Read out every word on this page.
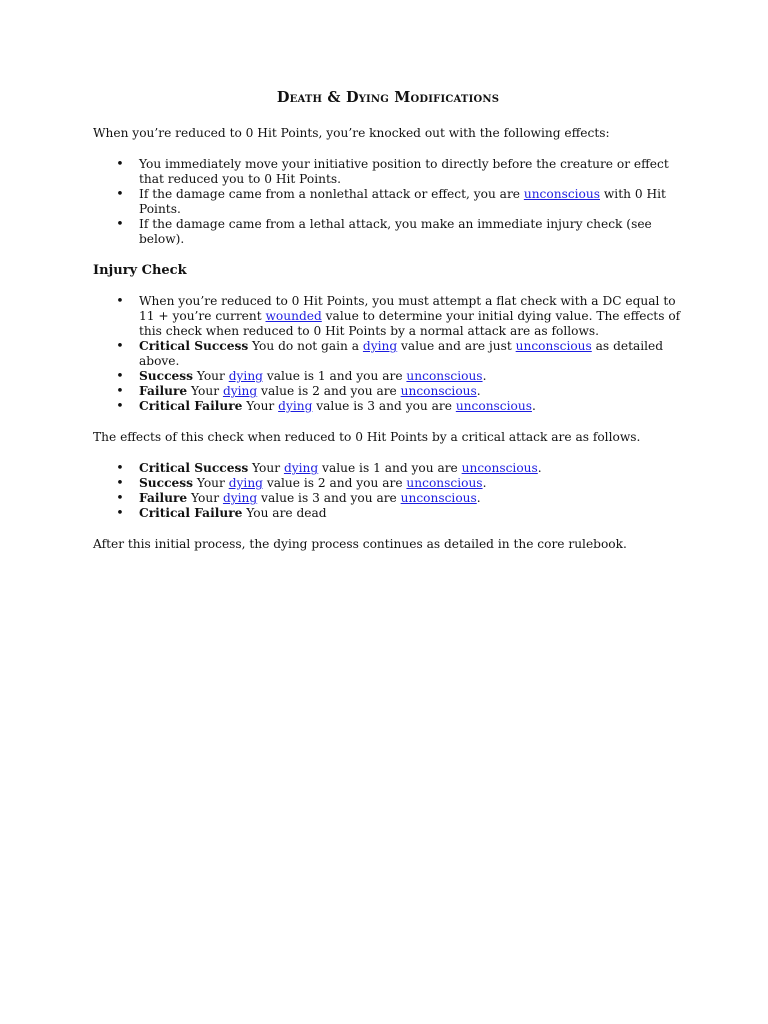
Death & Dying Modifications

When you’re reduced to 0 Hit Points, you’re knocked out with the following effects:

•
You immediately move your initiative position to directly before the creature or effect that reduced you to 0 Hit Points.
•
If the damage came from a nonlethal attack or effect, you are unconscious with 0 Hit Points.
•
If the damage came from a lethal attack, you make an immediate injury check (see below).

Injury Check

•
When you’re reduced to 0 Hit Points, you must attempt a flat check with a DC equal to 11 + you’re current wounded value to determine your initial dying value. The effects of this check when reduced to 0 Hit Points by a normal attack are as follows.
•
Critical Success You do not gain a dying value and are just unconscious as detailed above.
•
Success Your dying value is 1 and you are unconscious.
•
Failure Your dying value is 2 and you are unconscious.
•
Critical Failure Your dying value is 3 and you are unconscious.

The effects of this check when reduced to 0 Hit Points by a critical attack are as follows.

•
Critical Success Your dying value is 1 and you are unconscious.
•
Success Your dying value is 2 and you are unconscious.
•
Failure Your dying value is 3 and you are unconscious.
•
Critical Failure You are dead

After this initial process, the dying process continues as detailed in the core rulebook.
